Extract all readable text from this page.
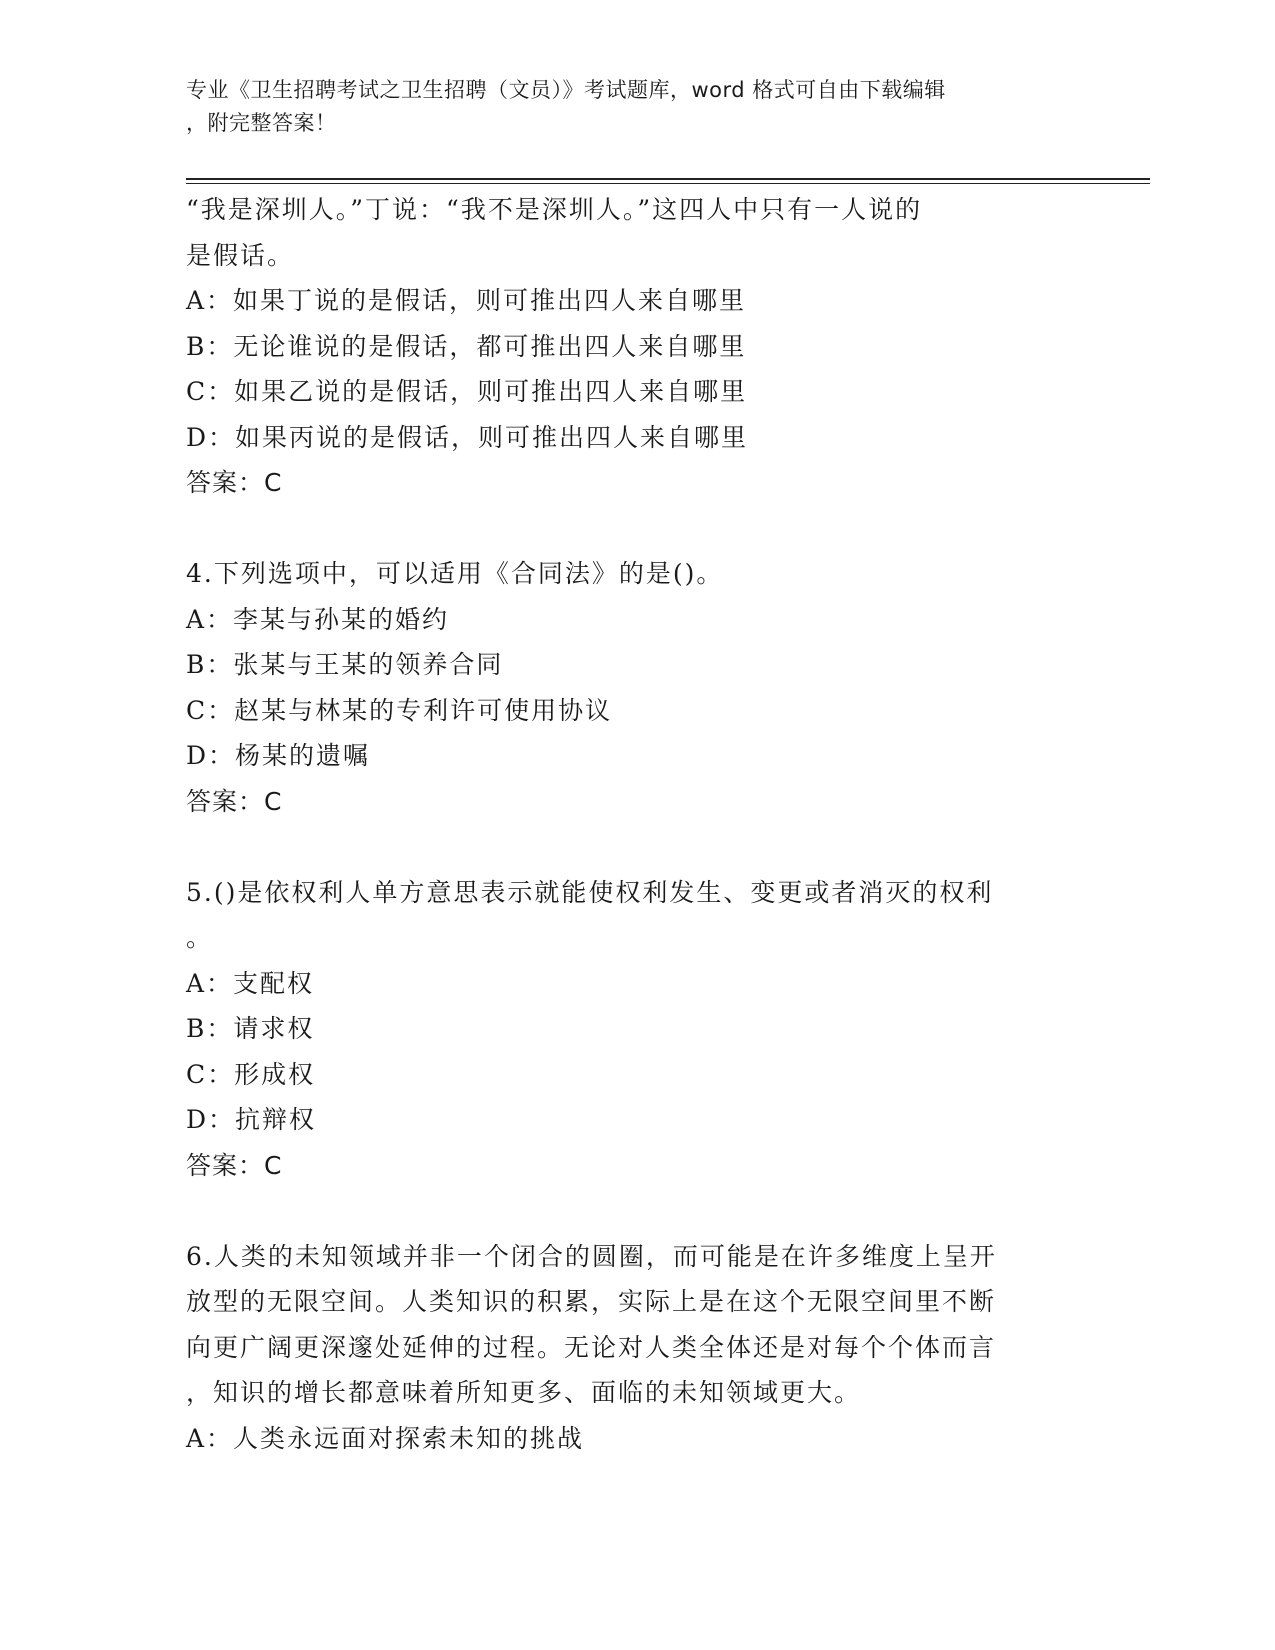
专业《卫生招聘考试之卫生招聘（文员）》考试题库，word 格式可自由下载编辑
，附完整答案！
“我是深圳人。”丁说：“我不是深圳人。”这四人中只有一人说的
是假话。
A：如果丁说的是假话，则可推出四人来自哪里
B：无论谁说的是假话，都可推出四人来自哪里
C：如果乙说的是假话，则可推出四人来自哪里
D：如果丙说的是假话，则可推出四人来自哪里
答案：C
4.下列选项中，可以适用《合同法》的是()。
A：李某与孙某的婚约
B：张某与王某的领养合同
C：赵某与林某的专利许可使用协议
D：杨某的遗嘱
答案：C
5.()是依权利人单方意思表示就能使权利发生、变更或者消灭的权利
。
A：支配权
B：请求权
C：形成权
D：抗辩权
答案：C
6.人类的未知领域并非一个闭合的圆圈，而可能是在许多维度上呈开
放型的无限空间。人类知识的积累，实际上是在这个无限空间里不断
向更广阔更深邃处延伸的过程。无论对人类全体还是对每个个体而言
，知识的增长都意味着所知更多、面临的未知领域更大。
A：人类永远面对探索未知的挑战
